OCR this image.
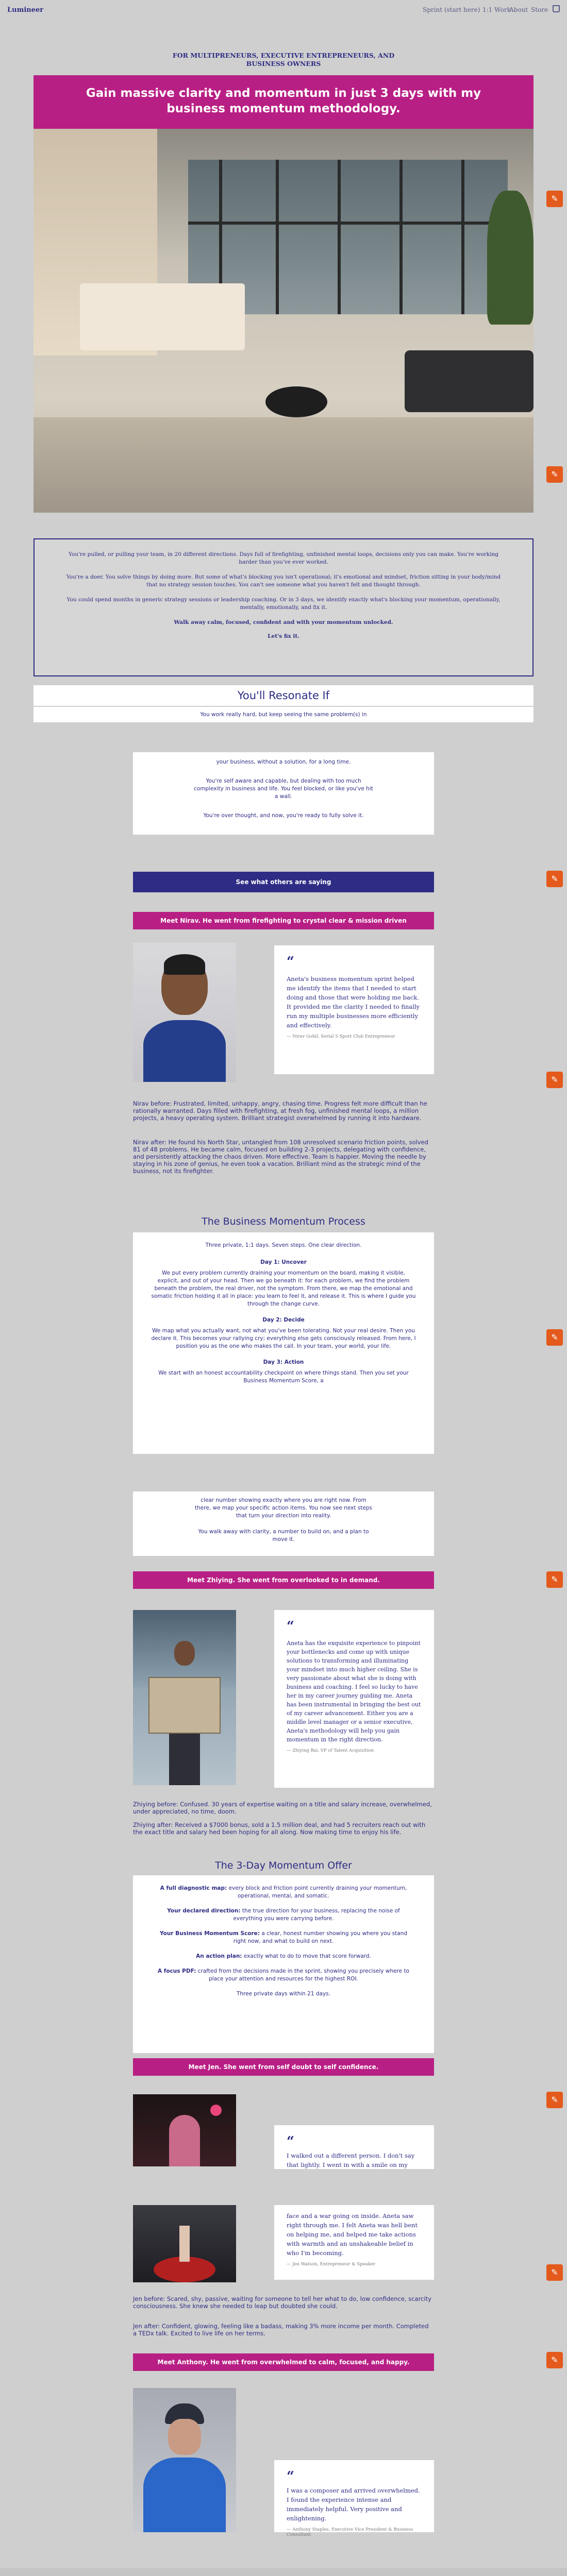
Lumineer	Sprint (start here) 1:1 Work
About Store
FOR MULTIPRENEURS, EXECUTIVE ENTREPRENEURS, AND BUSINESS OWNERS
Gain massive clarity and momentum in just 3 days with my business momentum methodology.
✎
✎

You're pulled, or pulling your team, in 20 different directions. Days full of firefighting, unfinished mental loops, decisions only you can make. You're working harder than you've ever worked.

You're a doer. You solve things by doing more. But some of what's blocking you isn't operational; it's emotional and mindset, friction sitting in your body/mind that no strategy session touches. You can't see someone what you haven't felt and thought through.

You could spend months in generic strategy sessions or leadership coaching. Or in 3 days, we identify exactly what's blocking your momentum, operationally, mentally, emotionally, and fix it.

Walk away calm, focused, confident and with your momentum unlocked.

Let's fix it.

You'll Resonate If
You work really hard, but keep seeing the same problem(s) in
your business, without a solution, for a long time.
You're self aware and capable, but dealing with too much
complexity in business and life. You feel blocked, or like you've hit
a wall.
You're over thought, and now, you're ready to fully solve it.
See what others are saying	✎
Meet Nirav. He went from firefighting to crystal clear & mission driven
“
Aneta's business momentum sprint helped me identify the items that I needed to start doing and those that were holding me back. It provided me the clarity I needed to finally run my multiple businesses more efficiently and effectively.
— Nirav Gohil, Serial 5 Sport Club Entrepreneur
✎
Nirav before: Frustrated, limited, unhappy, angry, chasing time. Progress felt more difficult than he rationally warranted. Days filled with firefighting, at fresh fog, unfinished mental loops, a million projects, a heavy operating system. Brilliant strategist overwhelmed by running it into hardware.
Nirav after: He found his North Star, untangled from 108 unresolved scenario friction points, solved 81 of 48 problems. He became calm, focused on building 2-3 projects, delegating with confidence, and persistently attacking the chaos driven. More effective. Team is happier. Moving the needle by staying in his zone of genius, he even took a vacation. Brilliant mind as the strategic mind of the business, not its firefighter.
The Business Momentum Process
Three private, 1:1 days. Seven steps. One clear direction.
Day 1: Uncover
We put every problem currently draining your momentum on the board, making it visible, explicit, and out of your head. Then we go beneath it: for each problem, we find the problem beneath the problem, the real driver, not the symptom. From there, we map the emotional and somatic friction holding it all in place: you learn to feel it, and release it. This is where I guide you through the change curve.
Day 2: Decide
We map what you actually want, not what you've been tolerating. Not your real desire. Then you declare it. This becomes your rallying cry; everything else gets consciously released. From here, I position you as the one who makes the call. In your team, your world, your life.
Day 3: Action
We start with an honest accountability checkpoint on where things stand. Then you set your Business Momentum Score, a
✎
clear number showing exactly where you are right now. From
there, we map your specific action items. You now see next steps
that turn your direction into reality.
You walk away with clarity, a number to build on, and a plan to
move it.
Meet Zhiying. She went from overlooked to in demand.	✎
“
Aneta has the exquisite experience to pinpoint your bottlenecks and come up with unique solutions to transforming and illuminating your mindset into much higher ceiling. She is very passionate about what she is doing with business and coaching. I feel so lucky to have her in my career journey guiding me. Aneta has been instrumental in bringing the best out of my career advancement. Either you are a middle level manager or a senior executive, Aneta's methodology will help you gain momentum in the right direction.
— Zhiying Bai, VP of Talent Acquisition
Zhiying before: Confused. 30 years of expertise waiting on a title and salary increase, overwhelmed, under appreciated, no time, doom.
Zhiying after: Received a $7000 bonus, sold a 1.5 million deal, and had 5 recruiters reach out with the exact title and salary hed been hoping for all along. Now making time to enjoy his life.
The 3-Day Momentum Offer
A full diagnostic map: every block and friction point currently draining your momentum, operational, mental, and somatic.
Your declared direction: the true direction for your business, replacing the noise of everything you were carrying before.
Your Business Momentum Score: a clear, honest number showing you where you stand right now, and what to build on next.
An action plan: exactly what to do to move that score forward.
A focus PDF: crafted from the decisions made in the sprint, showing you precisely where to place your attention and resources for the highest ROI.
Three private days within 21 days.
Meet Jen. She went from self doubt to self confidence.
✎
“
I walked out a different person. I don't say that lightly. I went in with a smile on my
face and a war going on inside. Aneta saw right through me. I felt Aneta was hell bent on helping me, and helped me take actions with warmth and an unshakeable belief in who I'm becoming.
— Jen Watson, Entrepreneur & Speaker
✎
Jen before: Scared, shy, passive, waiting for someone to tell her what to do, low confidence, scarcity consciousness. She knew she needed to leap but doubted she could.
Jen after: Confident, glowing, feeling like a badass, making 3% more income per month. Completed a TEDx talk. Excited to live life on her terms.
Meet Anthony. He went from overwhelmed to calm, focused, and happy.	✎
“
I was a composer and arrived overwhelmed. I found the experience intense and immediately helpful. Very positive and enlightening.
— Anthony Staples, Executive Vice President & Business Consultant
